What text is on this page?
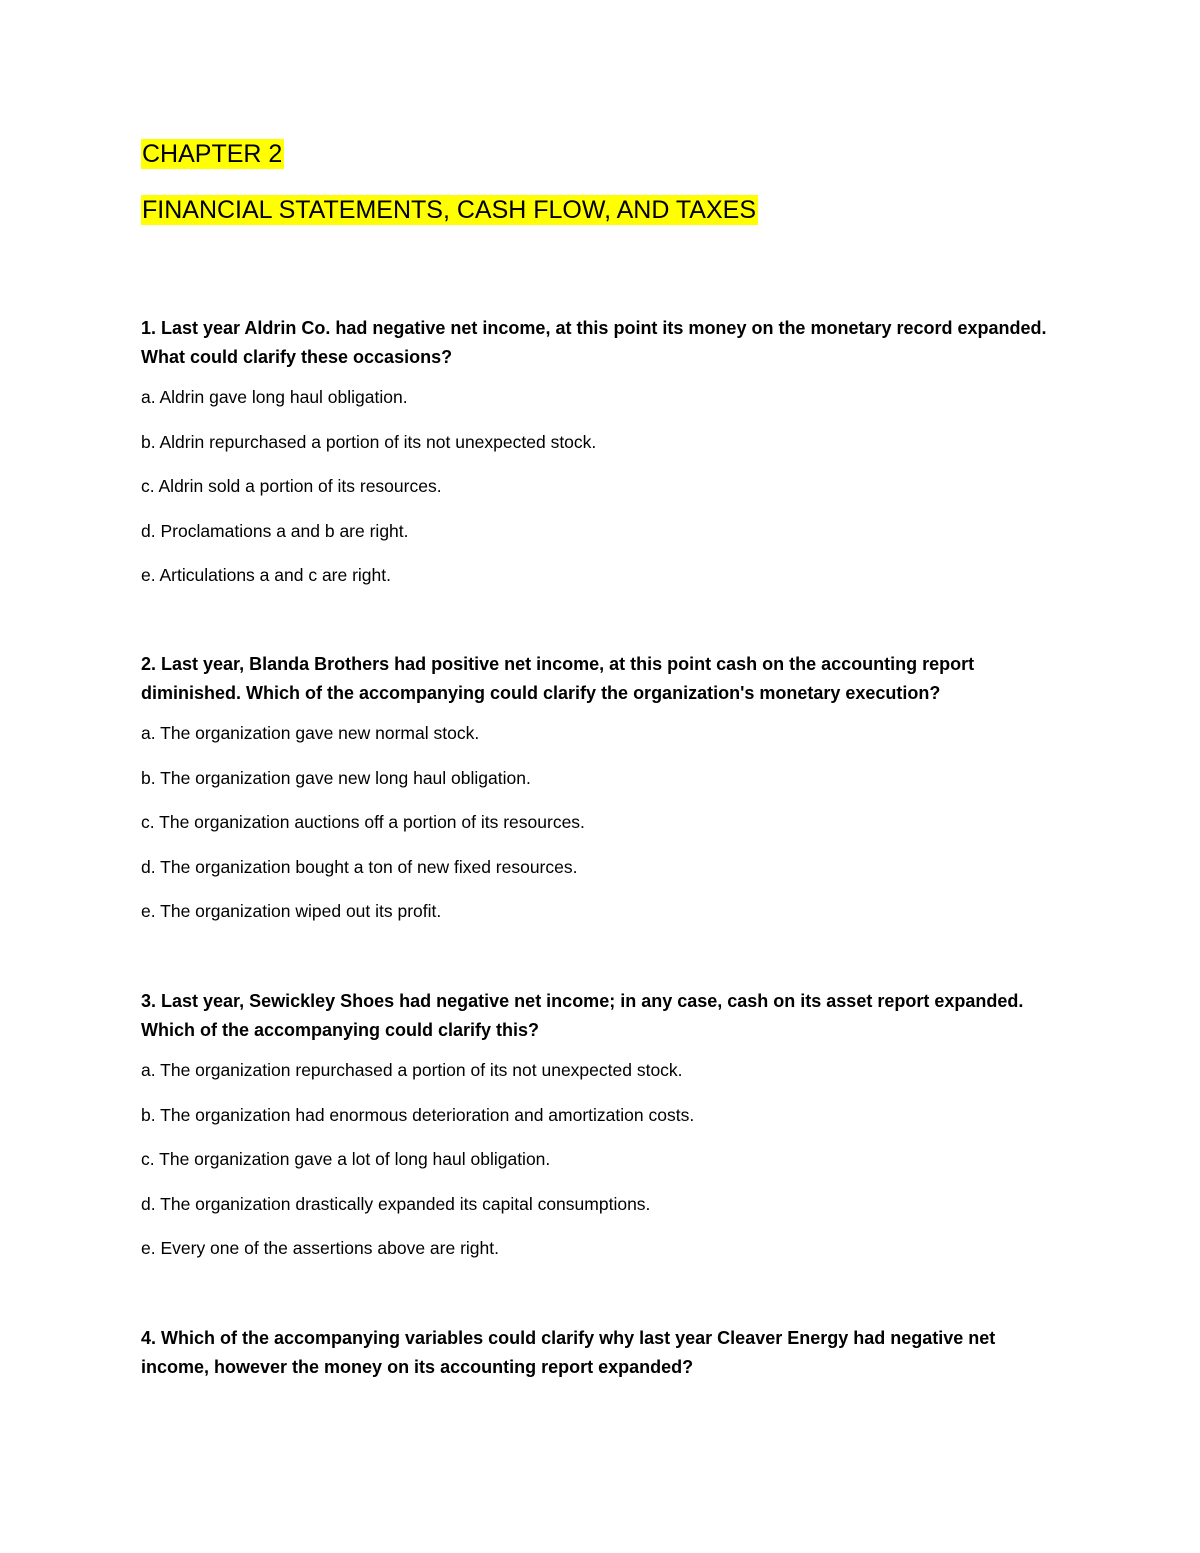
CHAPTER 2
FINANCIAL STATEMENTS, CASH FLOW, AND TAXES

1. Last year Aldrin Co. had negative net income, at this point its money on the monetary record expanded. What could clarify these occasions?

a. Aldrin gave long haul obligation.
b. Aldrin repurchased a portion of its not unexpected stock.
c. Aldrin sold a portion of its resources.
d. Proclamations a and b are right.
e. Articulations a and c are right.

2. Last year, Blanda Brothers had positive net income, at this point cash on the accounting report diminished. Which of the accompanying could clarify the organization's monetary execution?

a. The organization gave new normal stock.
b. The organization gave new long haul obligation.
c. The organization auctions off a portion of its resources.
d. The organization bought a ton of new fixed resources.
e. The organization wiped out its profit.

3. Last year, Sewickley Shoes had negative net income; in any case, cash on its asset report expanded. Which of the accompanying could clarify this?

a. The organization repurchased a portion of its not unexpected stock.
b. The organization had enormous deterioration and amortization costs.
c. The organization gave a lot of long haul obligation.
d. The organization drastically expanded its capital consumptions.
e. Every one of the assertions above are right.

4. Which of the accompanying variables could clarify why last year Cleaver Energy had negative net income, however the money on its accounting report expanded?
